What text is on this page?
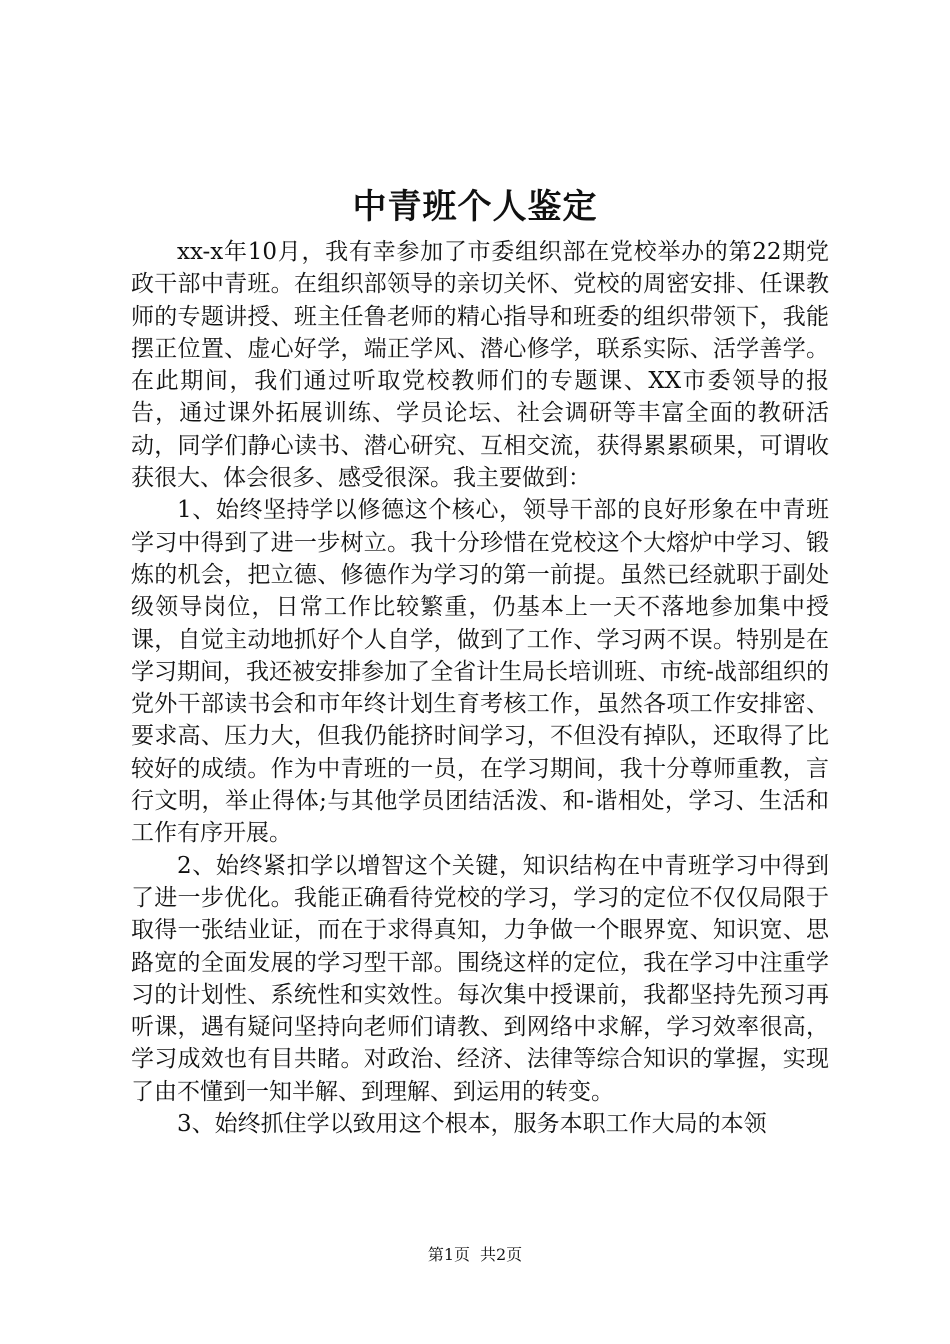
中青班个人鉴定

xx-x年10月，我有幸参加了市委组织部在党校举办的第22期党政干部中青班。在组织部领导的亲切关怀、党校的周密安排、任课教师的专题讲授、班主任鲁老师的精心指导和班委的组织带领下，我能摆正位置、虚心好学，端正学风、潜心修学，联系实际、活学善学。在此期间，我们通过听取党校教师们的专题课、XX市委领导的报告，通过课外拓展训练、学员论坛、社会调研等丰富全面的教研活动，同学们静心读书、潜心研究、互相交流，获得累累硕果，可谓收获很大、体会很多、感受很深。我主要做到：

1、始终坚持学以修德这个核心，领导干部的良好形象在中青班学习中得到了进一步树立。我十分珍惜在党校这个大熔炉中学习、锻炼的机会，把立德、修德作为学习的第一前提。虽然已经就职于副处级领导岗位，日常工作比较繁重，仍基本上一天不落地参加集中授课，自觉主动地抓好个人自学，做到了工作、学习两不误。特别是在学习期间，我还被安排参加了全省计生局长培训班、市统-战部组织的党外干部读书会和市年终计划生育考核工作，虽然各项工作安排密、要求高、压力大，但我仍能挤时间学习，不但没有掉队，还取得了比较好的成绩。作为中青班的一员，在学习期间，我十分尊师重教，言行文明，举止得体;与其他学员团结活泼、和-谐相处，学习、生活和工作有序开展。

2、始终紧扣学以增智这个关键，知识结构在中青班学习中得到了进一步优化。我能正确看待党校的学习，学习的定位不仅仅局限于取得一张结业证，而在于求得真知，力争做一个眼界宽、知识宽、思路宽的全面发展的学习型干部。围绕这样的定位，我在学习中注重学习的计划性、系统性和实效性。每次集中授课前，我都坚持先预习再听课，遇有疑问坚持向老师们请教、到网络中求解，学习效率很高，学习成效也有目共睹。对政治、经济、法律等综合知识的掌握，实现了由不懂到一知半解、到理解、到运用的转变。

3、始终抓住学以致用这个根本，服务本职工作大局的本领

第1页 共2页
